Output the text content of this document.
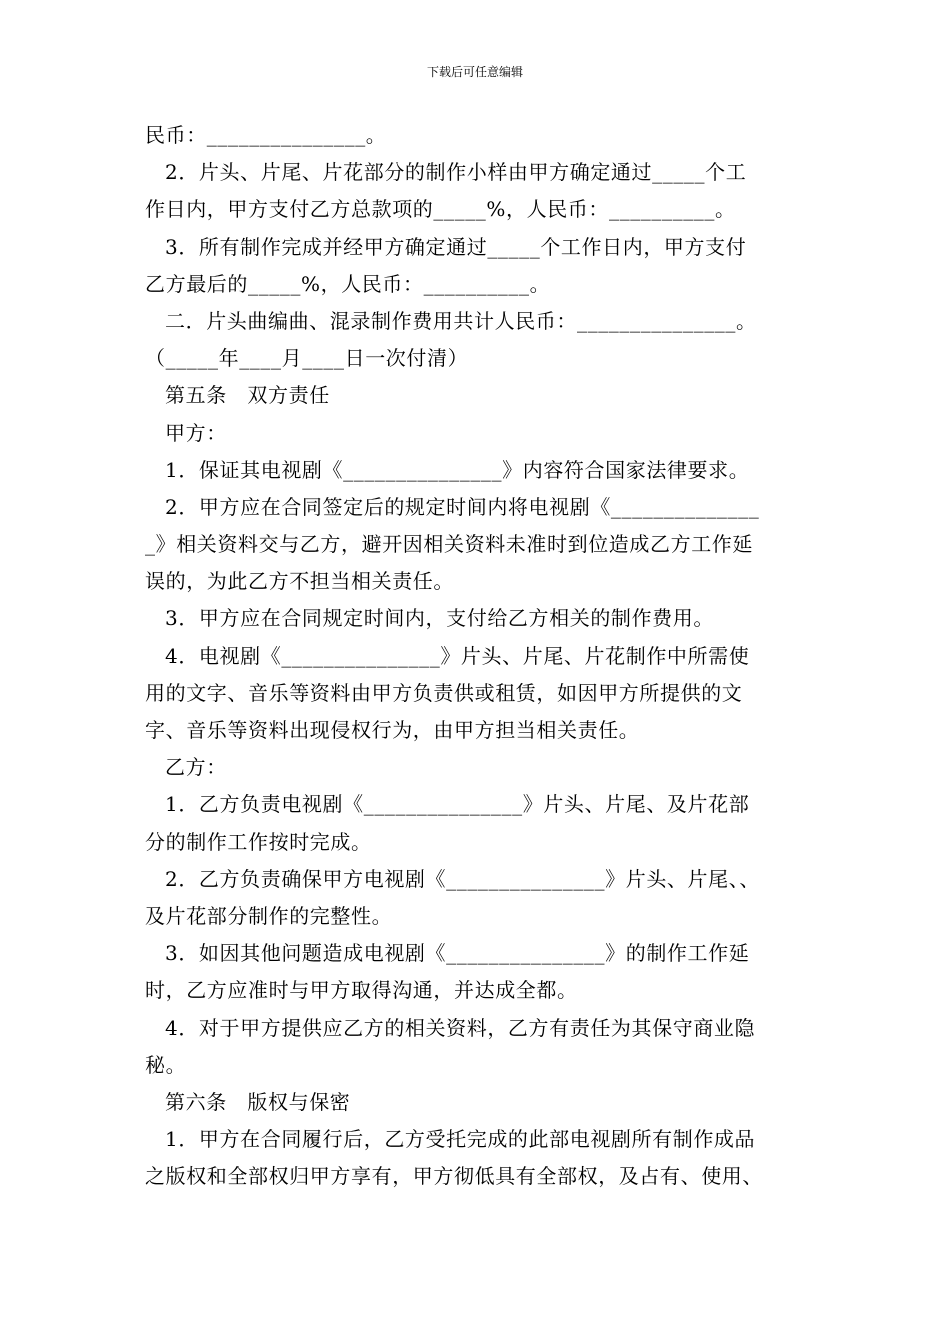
下载后可任意编辑
民币：_______________。
2．片头、片尾、片花部分的制作小样由甲方确定通过_____个工
作日内，甲方支付乙方总款项的_____%，人民币：__________。
3．所有制作完成并经甲方确定通过_____个工作日内，甲方支付
乙方最后的_____%，人民币：__________。
二．片头曲编曲、混录制作费用共计人民币：_______________。
（_____年____月____日一次付清）
第五条　双方责任
甲方：
1．保证其电视剧《_______________》内容符合国家法律要求。
2．甲方应在合同签定后的规定时间内将电视剧《______________
_》相关资料交与乙方，避开因相关资料未准时到位造成乙方工作延
误的，为此乙方不担当相关责任。
3．甲方应在合同规定时间内，支付给乙方相关的制作费用。
4．电视剧《_______________》片头、片尾、片花制作中所需使
用的文字、音乐等资料由甲方负责供或租赁，如因甲方所提供的文
字、音乐等资料出现侵权行为，由甲方担当相关责任。
乙方：
1．乙方负责电视剧《_______________》片头、片尾、及片花部
分的制作工作按时完成。
2．乙方负责确保甲方电视剧《_______________》片头、片尾、、
及片花部分制作的完整性。
3．如因其他问题造成电视剧《_______________》的制作工作延
时，乙方应准时与甲方取得沟通，并达成全都。
4．对于甲方提供应乙方的相关资料，乙方有责任为其保守商业隐
秘。
第六条　版权与保密
1．甲方在合同履行后，乙方受托完成的此部电视剧所有制作成品
之版权和全部权归甲方享有，甲方彻低具有全部权，及占有、使用、
